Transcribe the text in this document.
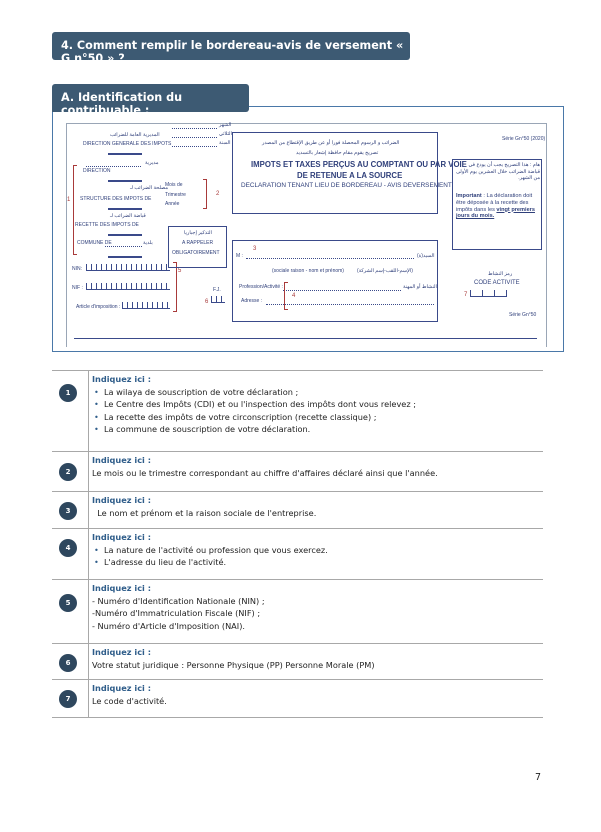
4. Comment remplir le bordereau-avis de versement « G n°50 » ?
A. Identification du contribuable :
المديرية العامة للضرائب
DIRECTION GENERALE DES IMPOTS
مديرية
DIRECTION
مصلحة الضرائب لـ
STRUCTURE DES IMPOTS DE
قباضة الضرائب لـ
RECETTE DES IMPOTS DE
COMMUNE DE	بلدية
1
NIN:
NIF :
Article d'imposition :
5
F.J.
6
الشهر
الثلاثي
السنة
Mois de
Trimestre
Année
2
التذكير إجباريا
A RAPPELER
OBLIGATOIREMENT
الضرائب و الرسوم المحصلة فورا أو عن طريق الإقتطاع من المصدر
تصريح يقوم مقام حافظة إشعار بالتسديد
IMPOTS ET TAXES PERÇUS AU COMPTANT OU PAR VOIE
DE RETENUE A LA SOURCE
DECLARATION TENANT LIEU DE BORDEREAU - AVIS DEVERSEMENT
M :
3
السيد(ة)
(sociale raison - nom et prénom)	(الإسم-اللقب-إسم الشركة)
Profession/Activité :	النشاط أو المهنة:
Adresse :
4
Série Gn°50 (2020)
هام : هذا التصريح يجب أن يودع في قباضة الضرائب خلال العشرين يوم الأولى من الشهر.
Important : La déclaration doit être déposée à la recette des impôts dans les vingt premiers jours du mois.
رمز النشاط
CODE ACTIVITE
7
Série Gn°50
1
Indiquez ici :
• La wilaya de souscription de votre déclaration ;
• Le Centre des Impôts (CDI) et ou l'inspection des impôts dont vous relevez ;
• La recette des impôts de votre circonscription (recette classique) ;
• La commune de souscription de votre déclaration.
2
Indiquez ici :
Le mois ou le trimestre correspondant au chiffre d'affaires déclaré ainsi que l'année.
3
Indiquez ici :
Le nom et prénom et la raison sociale de l'entreprise.
4
Indiquez ici :
• La nature de l'activité ou profession que vous exercez.
• L'adresse du lieu de l'activité.
5
Indiquez ici :
- Numéro d'Identification Nationale (NIN) ;
-Numéro d'Immatriculation Fiscale (NIF) ;
- Numéro d'Article d'Imposition (NAI).
6
Indiquez ici :
Votre statut juridique : Personne Physique (PP) Personne Morale (PM)
7
Indiquez ici :
Le code d'activité.
7
